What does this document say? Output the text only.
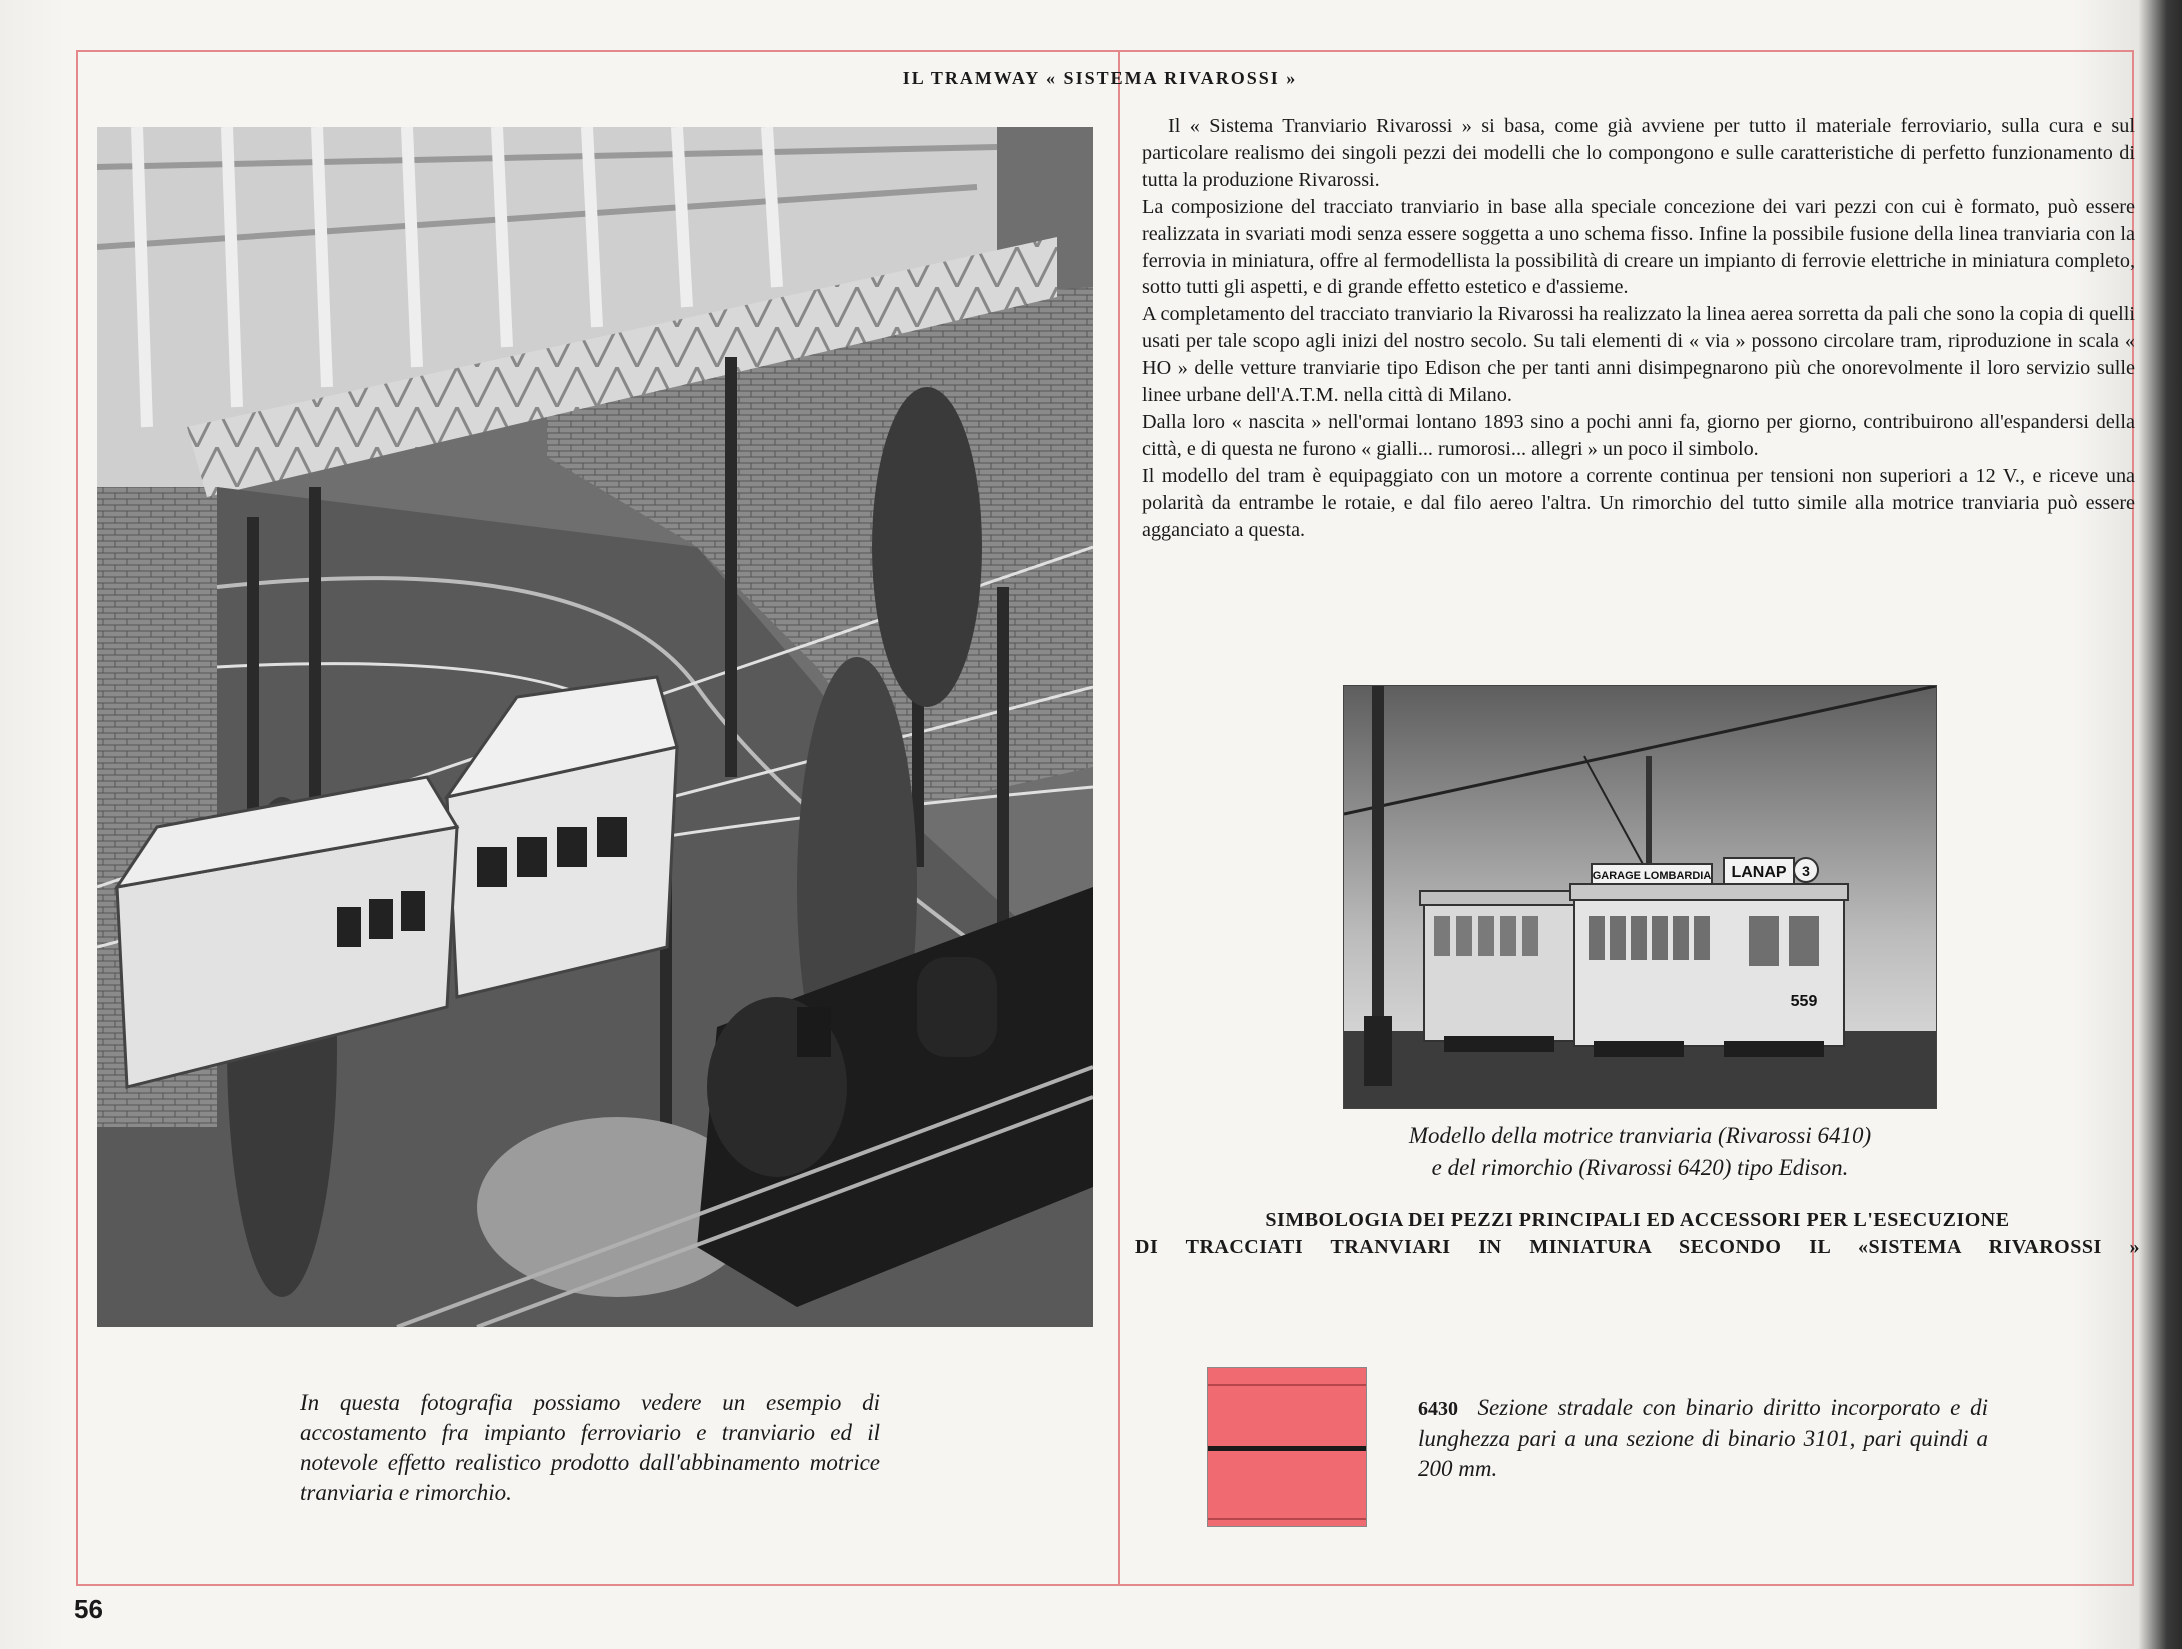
IL TRAMWAY « SISTEMA RIVAROSSI »
In questa fotografia possiamo vedere un esempio di accostamento fra impianto ferroviario e tranviario ed il notevole effetto realistico prodotto dall'abbinamento motrice tranviaria e rimorchio.

Il « Sistema Tranviario Rivarossi » si basa, come già avviene per tutto il materiale ferroviario, sulla cura e sul particolare realismo dei singoli pezzi dei modelli che lo compongono e sulle caratteristiche di perfetto funzionamento di tutta la produzione Rivarossi.

La composizione del tracciato tranviario in base alla speciale concezione dei vari pezzi con cui è formato, può essere realizzata in svariati modi senza essere soggetta a uno schema fisso. Infine la possibile fusione della linea tranviaria con la ferrovia in miniatura, offre al fermodellista la possibilità di creare un impianto di ferrovie elettriche in miniatura completo, sotto tutti gli aspetti, e di grande effetto estetico e d'assieme.

A completamento del tracciato tranviario la Rivarossi ha realizzato la linea aerea sorretta da pali che sono la copia di quelli usati per tale scopo agli inizi del nostro secolo. Su tali elementi di « via » possono circolare tram, riproduzione in scala « HO » delle vetture tranviarie tipo Edison che per tanti anni disimpegnarono più che onorevolmente il loro servizio sulle linee urbane dell'A.T.M. nella città di Milano.

Dalla loro « nascita » nell'ormai lontano 1893 sino a pochi anni fa, giorno per giorno, contribuirono all'espandersi della città, e di questa ne furono « gialli... rumorosi... allegri » un poco il simbolo.

Il modello del tram è equipaggiato con un motore a corrente continua per tensioni non superiori a 12 V., e riceve una polarità da entrambe le rotaie, e dal filo aereo l'altra. Un rimorchio del tutto simile alla motrice tranviaria può essere agganciato a questa.

GARAGE LOMBARDIA LANAP 3
559
Modello della motrice tranviaria (Rivarossi 6410)
e del rimorchio (Rivarossi 6420) tipo Edison.
SIMBOLOGIA DEI PEZZI PRINCIPALI ED ACCESSORI PER L'ESECUZIONE
DI TRACCIATI TRANVIARI IN MINIATURA SECONDO IL «SISTEMA RIVAROSSI »
6430 Sezione stradale con binario diritto incorporato e di lunghezza pari a una sezione di binario 3101, pari quindi a 200 mm.
56
